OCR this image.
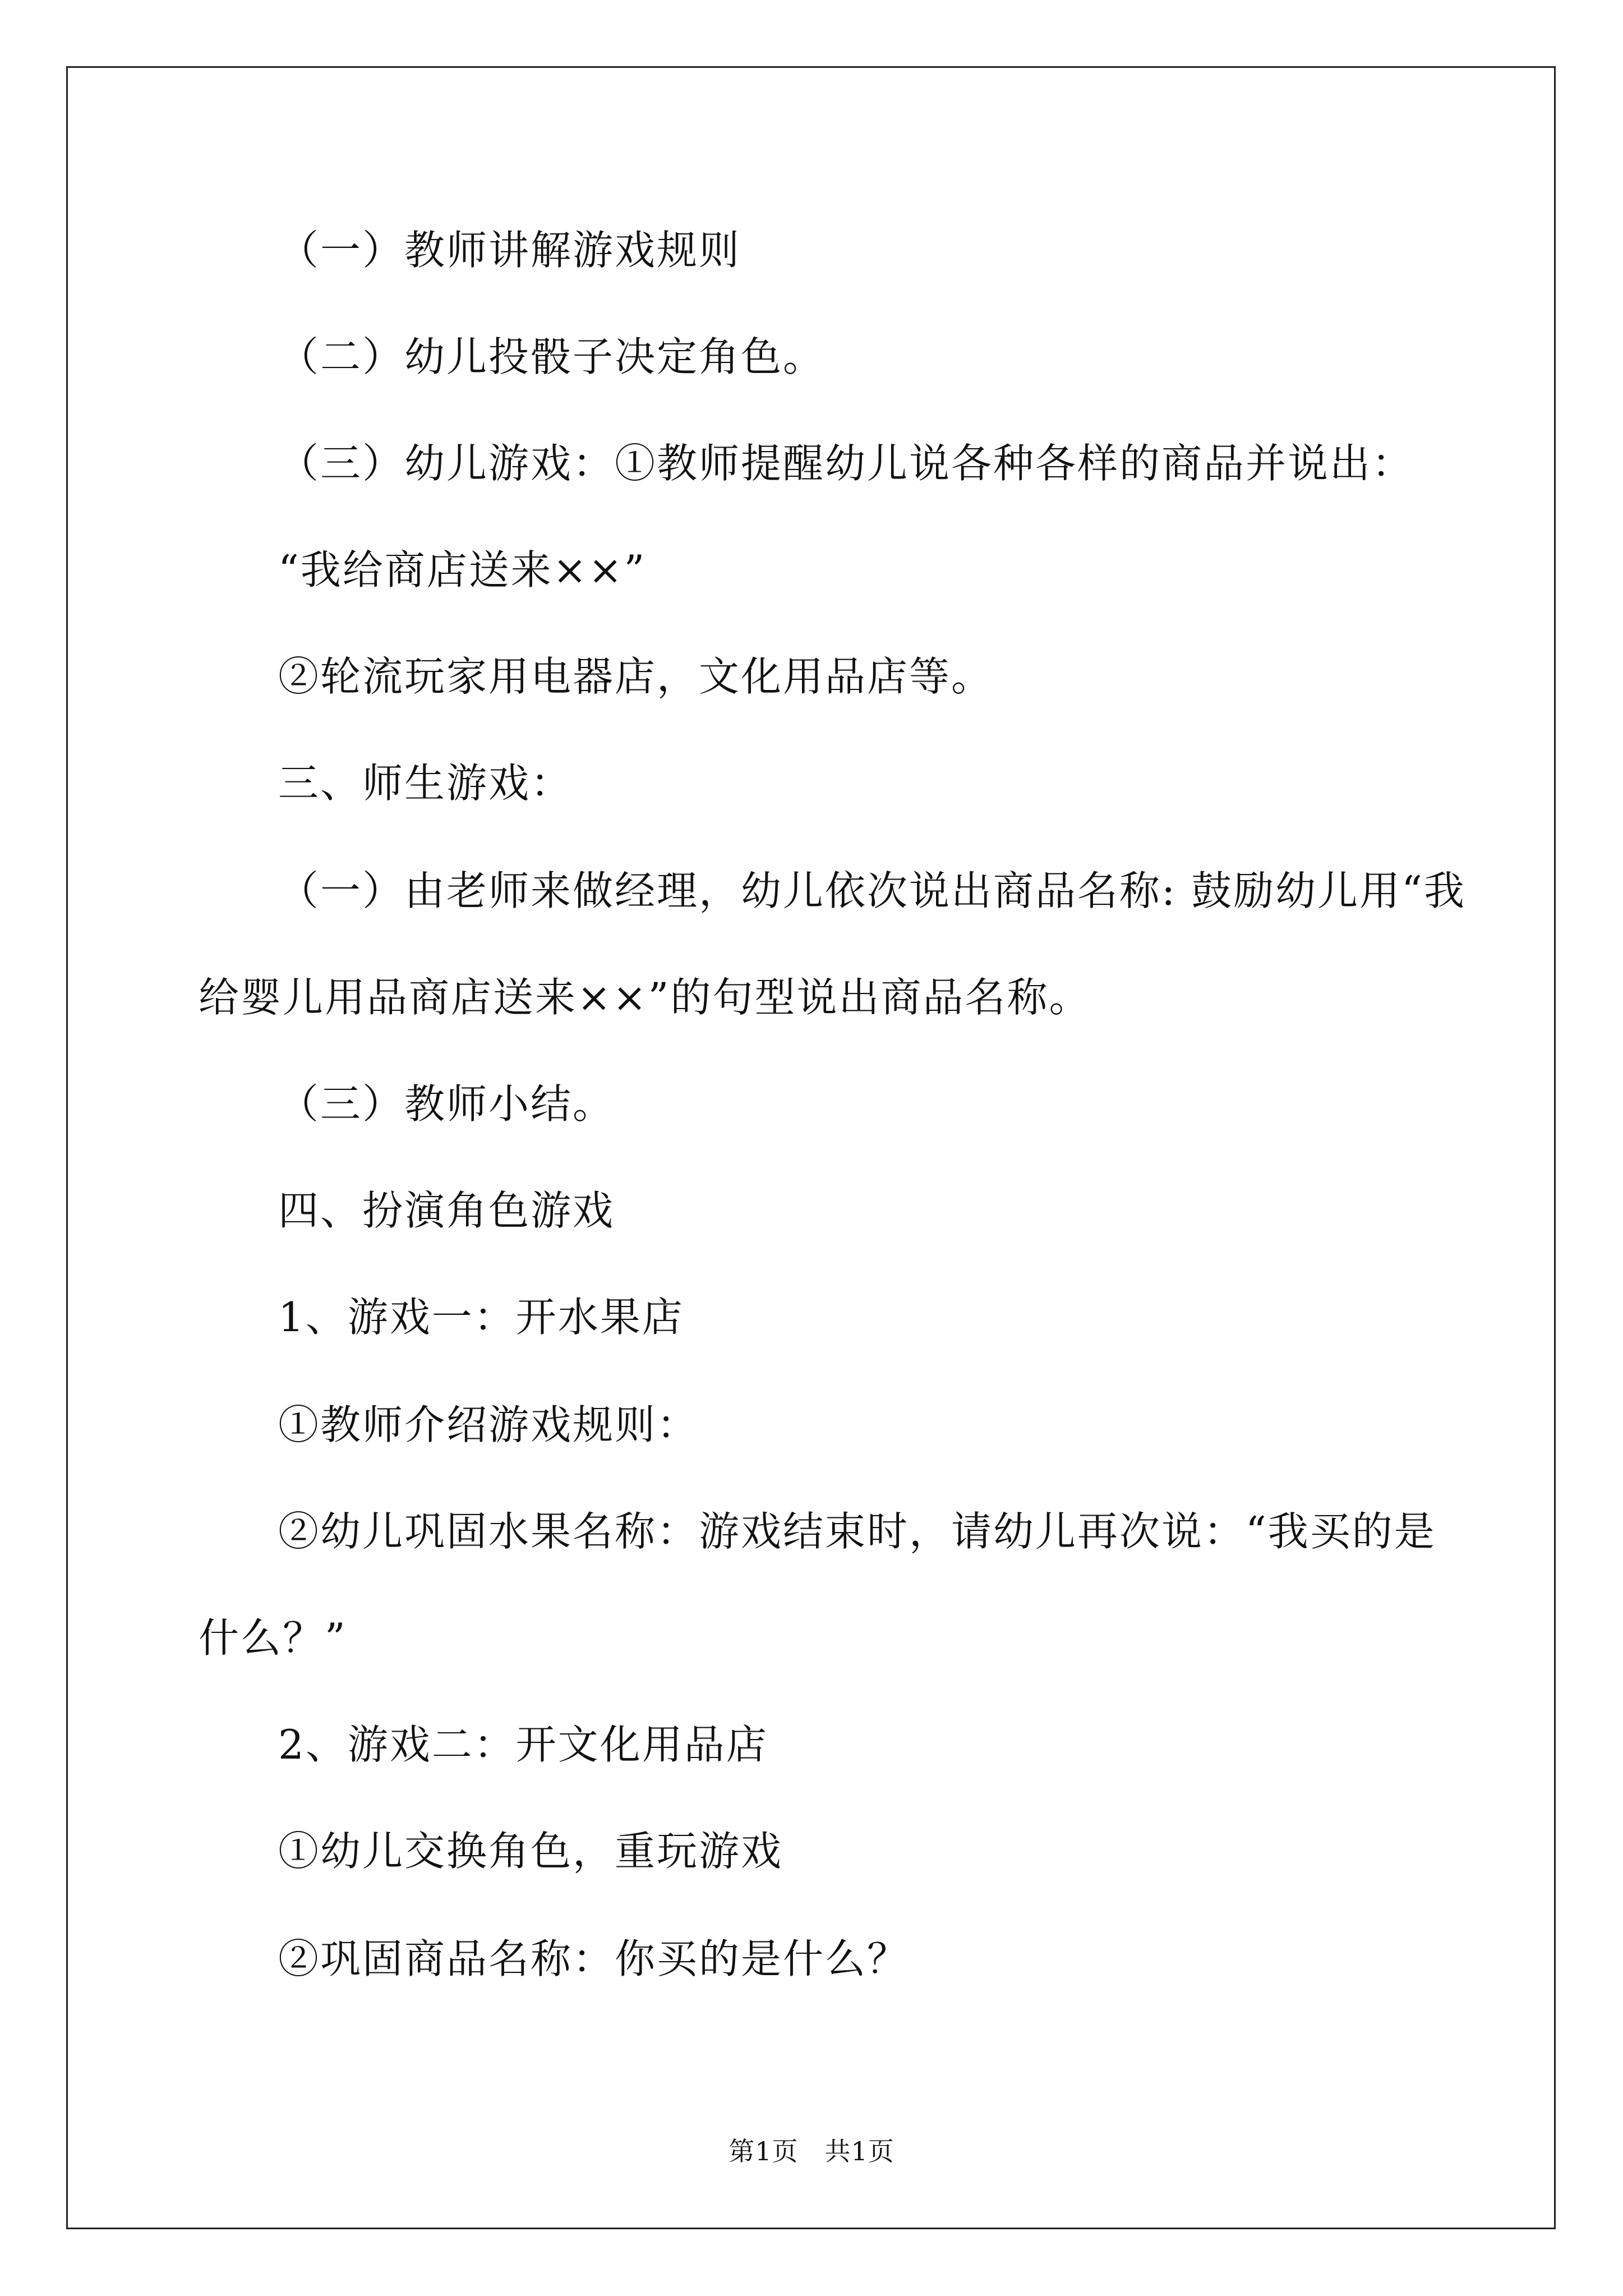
（一）教师讲解游戏规则
（二）幼儿投骰子决定角色。
（三）幼儿游戏：①教师提醒幼儿说各种各样的商品并说出：
“我给商店送来××”
②轮流玩家用电器店，文化用品店等。
三、师生游戏：
（一）由老师来做经理，幼儿依次说出商品名称: 鼓励幼儿用“我
给婴儿用品商店送来××”的句型说出商品名称。
（三）教师小结。
四、扮演角色游戏
1、游戏一：开水果店
①教师介绍游戏规则：
②幼儿巩固水果名称：游戏结束时，请幼儿再次说：“我买的是
什么？”
2、游戏二：开文化用品店
①幼儿交换角色，重玩游戏
②巩固商品名称：你买的是什么？
第1页　共1页
